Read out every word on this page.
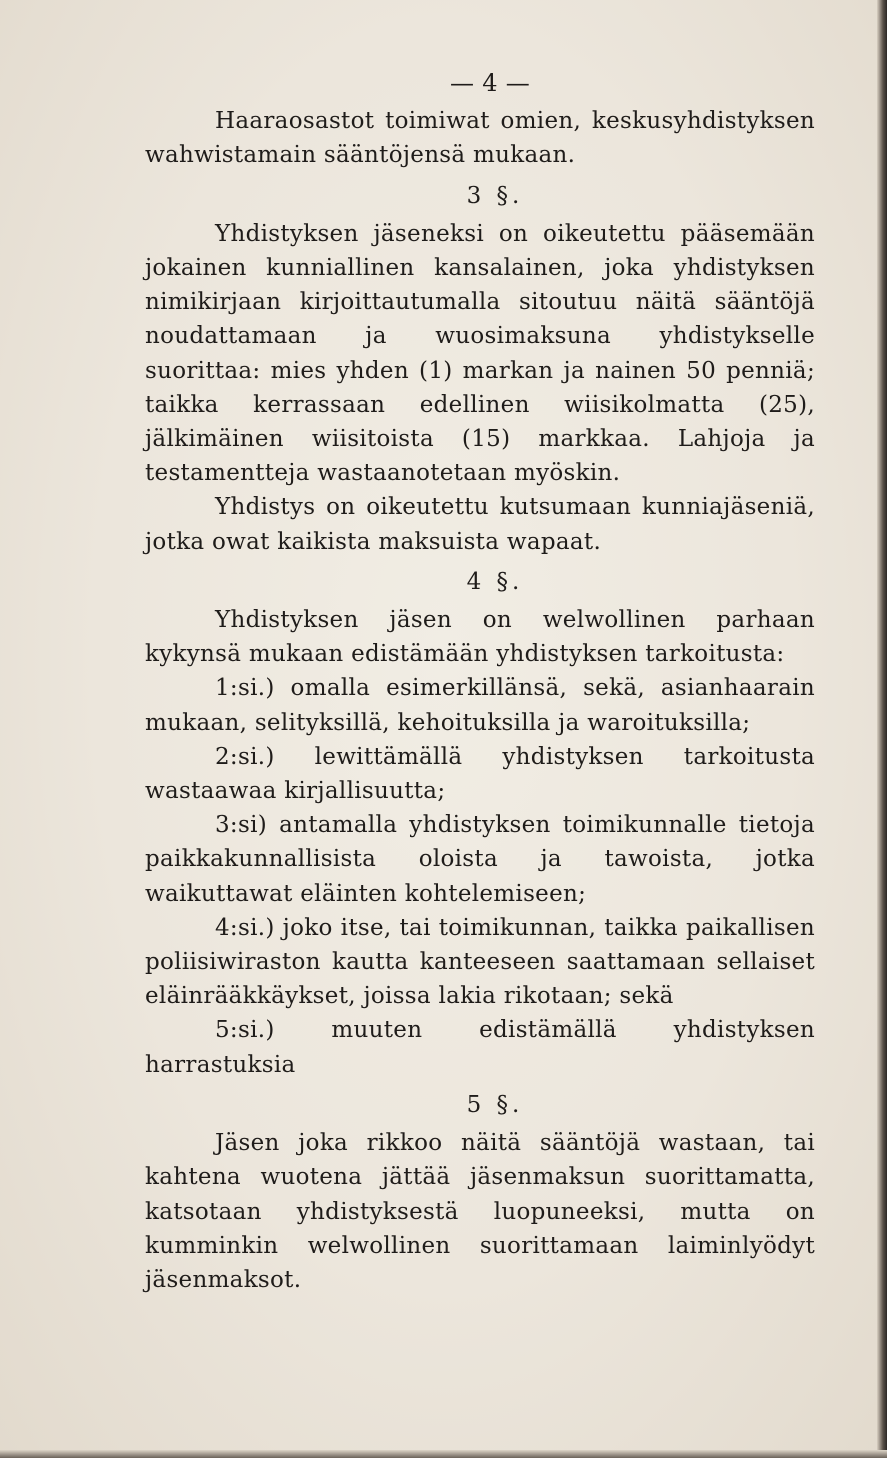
— 4 —

Haaraosastot toimiwat omien, keskusyhdistyksen wahwistamain sääntöjensä mukaan.

3 §.

Yhdistyksen jäseneksi on oikeutettu pääsemään jokainen kunniallinen kansalainen, joka yhdistyksen nimikirjaan kirjoittautumalla sitoutuu näitä sääntöjä noudattamaan ja wuosimaksuna yhdistykselle suorittaa: mies yhden (1) markan ja nainen 50 penniä; taikka kerrassaan edellinen wiisikolmatta (25), jälkimäinen wiisitoista (15) markkaa. Lahjoja ja testamentteja wastaanotetaan myöskin.

Yhdistys on oikeutettu kutsumaan kunniajäseniä, jotka owat kaikista maksuista wapaat.

4 §.

Yhdistyksen jäsen on welwollinen parhaan kykynsä mukaan edistämään yhdistyksen tarkoitusta:

1:si.) omalla esimerkillänsä, sekä, asianhaarain mukaan, selityksillä, kehoituksilla ja waroituksilla;

2:si.) lewittämällä yhdistyksen tarkoitusta wastaawaa kirjallisuutta;

3:si) antamalla yhdistyksen toimikunnalle tietoja paikkakunnallisista oloista ja tawoista, jotka waikuttawat eläinten kohtelemiseen;

4:si.) joko itse, tai toimikunnan, taikka paikallisen poliisiwiraston kautta kanteeseen saattamaan sellaiset eläinrääkkäykset, joissa lakia rikotaan; sekä

5:si.) muuten edistämällä yhdistyksen harrastuksia

5 §.

Jäsen joka rikkoo näitä sääntöjä wastaan, tai kahtena wuotena jättää jäsenmaksun suorittamatta, katsotaan yhdistyksestä luopuneeksi, mutta on kumminkin welwollinen suorittamaan laiminlyödyt jäsenmaksot.
